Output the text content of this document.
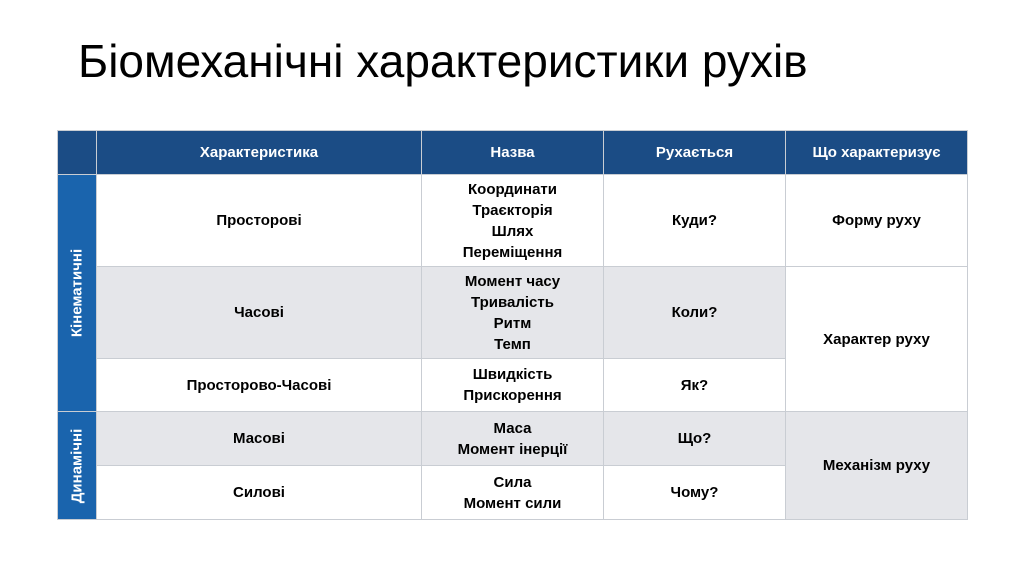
Біомеханічні характеристики рухів
	Характеристика	Назва	Рухається	Що характеризує

Кінематичні	Просторові	Координати
Траєкторія
Шлях
Переміщення	Куди?	Форму руху
	Часові	Момент часу
Тривалість
Ритм
Темп	Коли?	Характер руху
	Просторово-Часові	Швидкість
Прискорення	Як?	

Динамічні	Масові	Маса
Момент інерції	Що?	Механізм руху
	Силові	Сила
Момент сили	Чому?	
